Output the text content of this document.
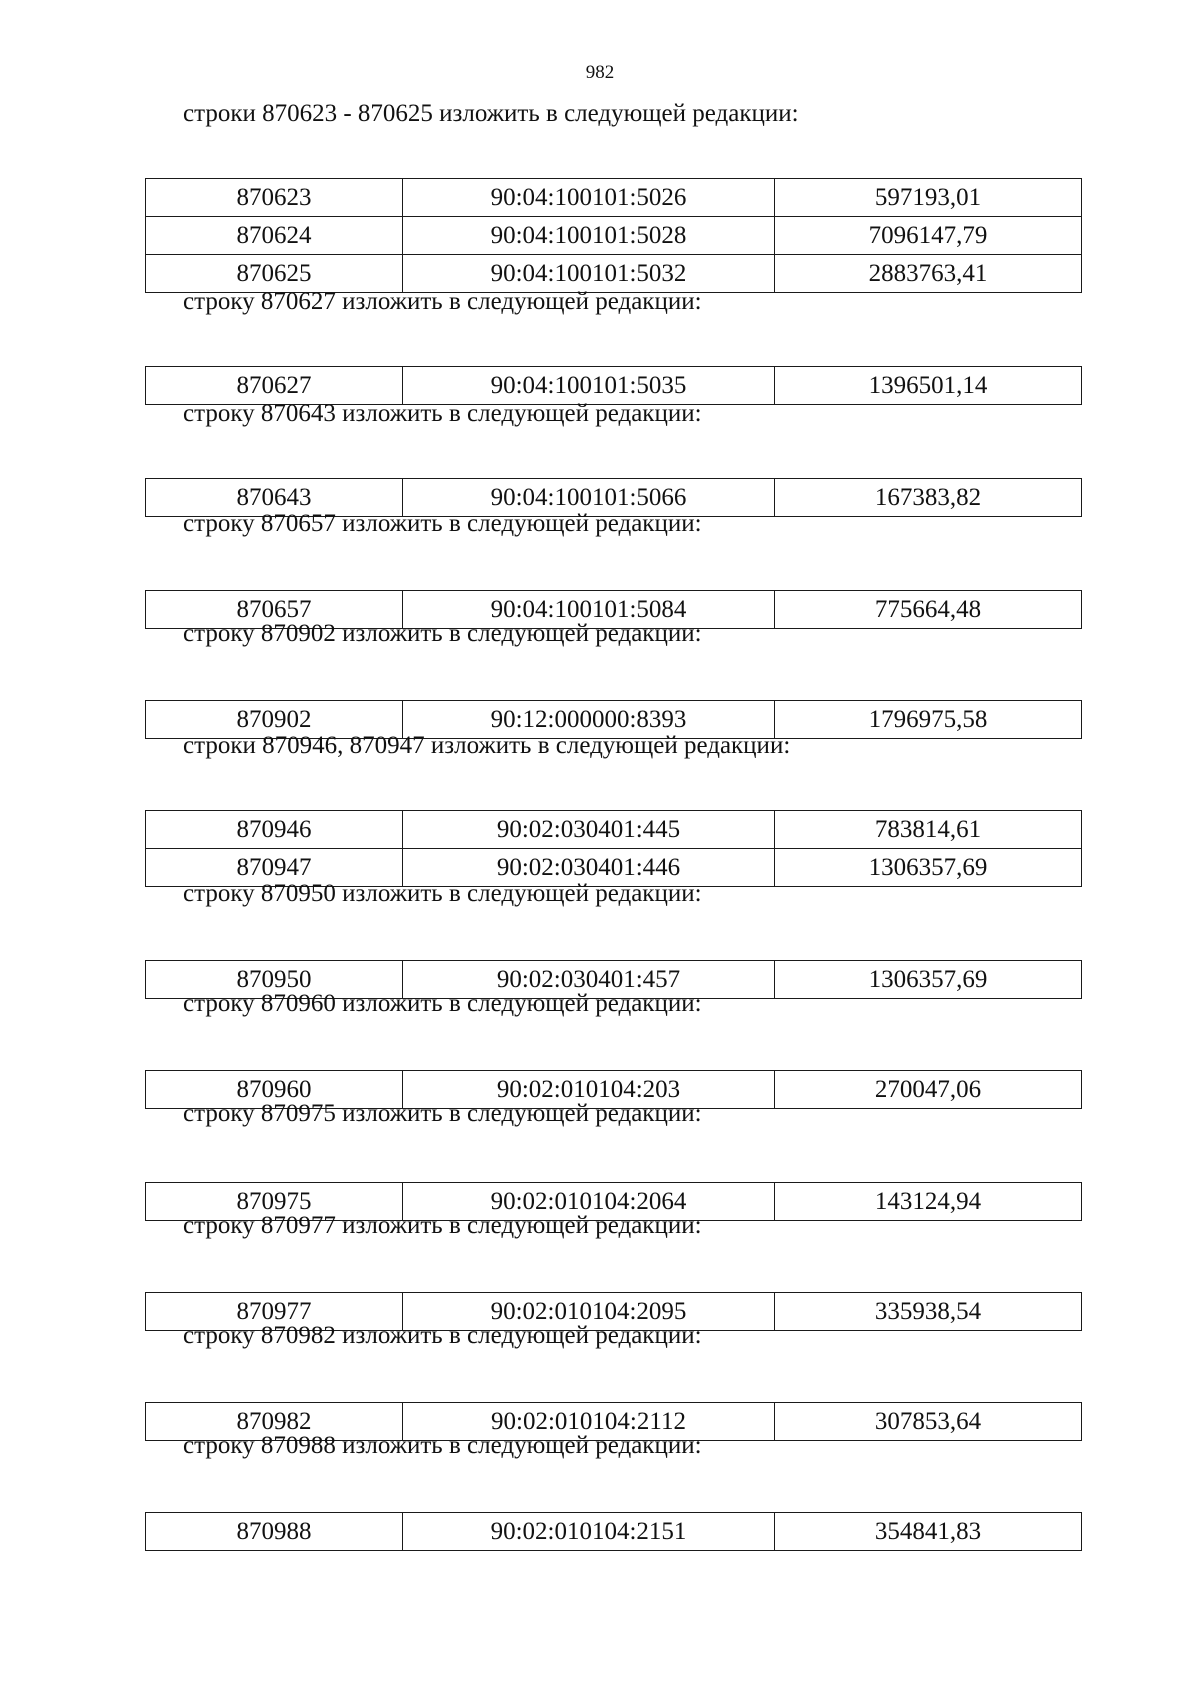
982
строки 870623 - 870625 изложить в следующей редакции:
870623	90:04:100101:5026	597193,01
870624	90:04:100101:5028	7096147,79
870625	90:04:100101:5032	2883763,41
строку 870627 изложить в следующей редакции:
870627	90:04:100101:5035	1396501,14
строку 870643 изложить в следующей редакции:
870643	90:04:100101:5066	167383,82
строку 870657 изложить в следующей редакции:
870657	90:04:100101:5084	775664,48
строку 870902 изложить в следующей редакции:
870902	90:12:000000:8393	1796975,58
строки 870946, 870947 изложить в следующей редакции:
870946	90:02:030401:445	783814,61
870947	90:02:030401:446	1306357,69
строку 870950 изложить в следующей редакции:
870950	90:02:030401:457	1306357,69
строку 870960 изложить в следующей редакции:
870960	90:02:010104:203	270047,06
строку 870975 изложить в следующей редакции:
870975	90:02:010104:2064	143124,94
строку 870977 изложить в следующей редакции:
870977	90:02:010104:2095	335938,54
строку 870982 изложить в следующей редакции:
870982	90:02:010104:2112	307853,64
строку 870988 изложить в следующей редакции:
870988	90:02:010104:2151	354841,83
